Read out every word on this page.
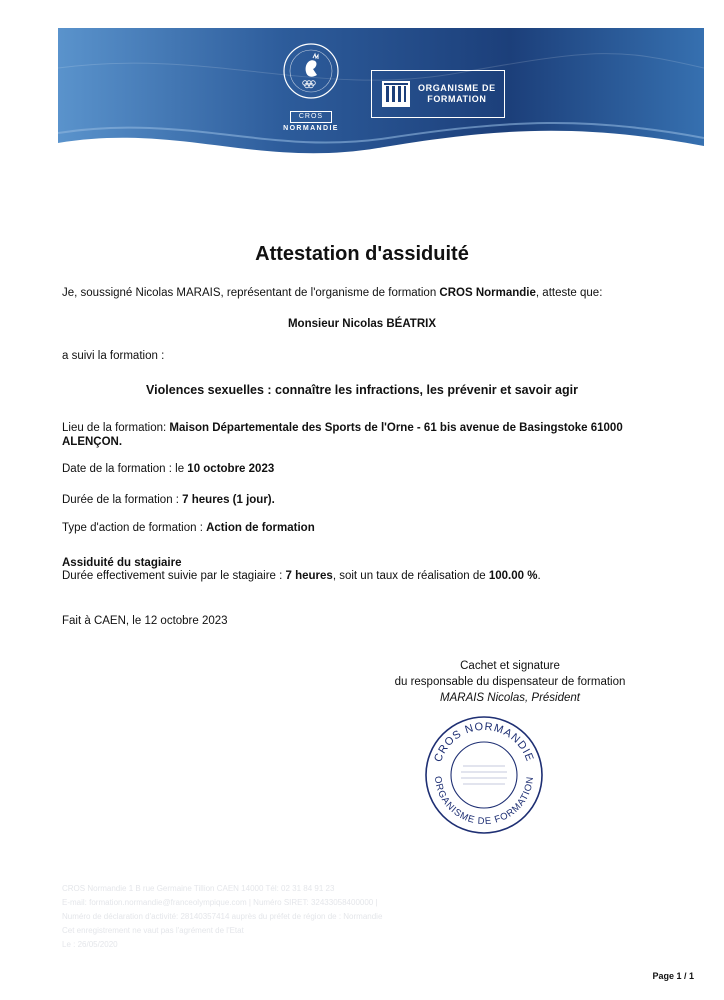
CROS
NORMANDIE
ORGANISME DE
FORMATION
Attestation d'assiduité
Je, soussigné Nicolas MARAIS, représentant de l'organisme de formation CROS Normandie, atteste que:
Monsieur Nicolas BÉATRIX
a suivi la formation :
Violences sexuelles : connaître les infractions, les prévenir et savoir agir
Lieu de la formation: Maison Départementale des Sports de l'Orne - 61 bis avenue de Basingstoke 61000
ALENÇON.
Date de la formation : le 10 octobre 2023
Durée de la formation : 7 heures (1 jour).
Type d'action de formation : Action de formation
Assiduité du stagiaire
Durée effectivement suivie par le stagiaire : 7 heures, soit un taux de réalisation de 100.00 %.
Fait à CAEN, le 12 octobre 2023
Cachet et signature
du responsable du dispensateur de formation
MARAIS Nicolas, Président
CROS NORMANDIE
ORGANISME DE FORMATION
CROS Normandie 1 B rue Germaine Tillion CAEN 14000 Tél: 02 31 84 91 23
E-mail: formation.normandie@franceolympique.com | Numéro SIRET: 32433058400000 |
Numéro de déclaration d'activité: 28140357414 auprès du préfet de région de : Normandie
Cet enregistrement ne vaut pas l'agrément de l'Etat
Le : 26/05/2020
Page 1 / 1
